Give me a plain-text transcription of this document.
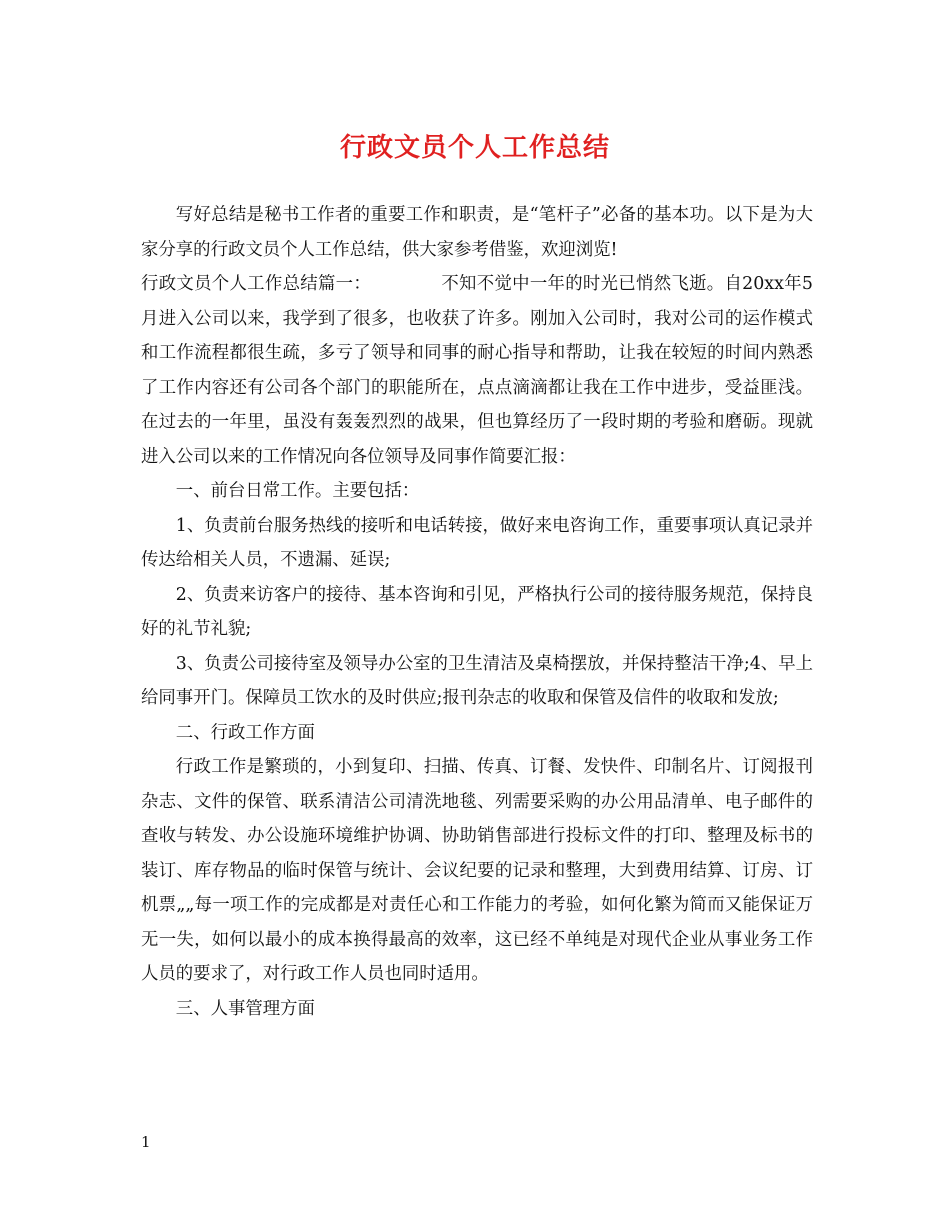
行政文员个人工作总结

写好总结是秘书工作者的重要工作和职责，是“笔杆子”必备的基本功。以下是为大家分享的行政文员个人工作总结，供大家参考借鉴，欢迎浏览!

行政文员个人工作总结篇一：	不知不觉中一年的时光已悄然飞逝。自20xx年5月进入公司以来，我学到了很多，也收获了许多。刚加入公司时，我对公司的运作模式和工作流程都很生疏，多亏了领导和同事的耐心指导和帮助，让我在较短的时间内熟悉了工作内容还有公司各个部门的职能所在，点点滴滴都让我在工作中进步，受益匪浅。在过去的一年里，虽没有轰轰烈烈的战果，但也算经历了一段时期的考验和磨砺。现就进入公司以来的工作情况向各位领导及同事作简要汇报：

一、前台日常工作。主要包括：

1、负责前台服务热线的接听和电话转接，做好来电咨询工作，重要事项认真记录并传达给相关人员，不遗漏、延误;

2、负责来访客户的接待、基本咨询和引见，严格执行公司的接待服务规范，保持良好的礼节礼貌;

3、负责公司接待室及领导办公室的卫生清洁及桌椅摆放，并保持整洁干净;4、早上给同事开门。保障员工饮水的及时供应;报刊杂志的收取和保管及信件的收取和发放;

二、行政工作方面

行政工作是繁琐的，小到复印、扫描、传真、订餐、发快件、印制名片、订阅报刊杂志、文件的保管、联系清洁公司清洗地毯、列需要采购的办公用品清单、电子邮件的查收与转发、办公设施环境维护协调、协助销售部进行投标文件的打印、整理及标书的装订、库存物品的临时保管与统计、会议纪要的记录和整理，大到费用结算、订房、订机票„„每一项工作的完成都是对责任心和工作能力的考验，如何化繁为简而又能保证万无一失，如何以最小的成本换得最高的效率，这已经不单纯是对现代企业从事业务工作人员的要求了，对行政工作人员也同时适用。

三、人事管理方面

1
